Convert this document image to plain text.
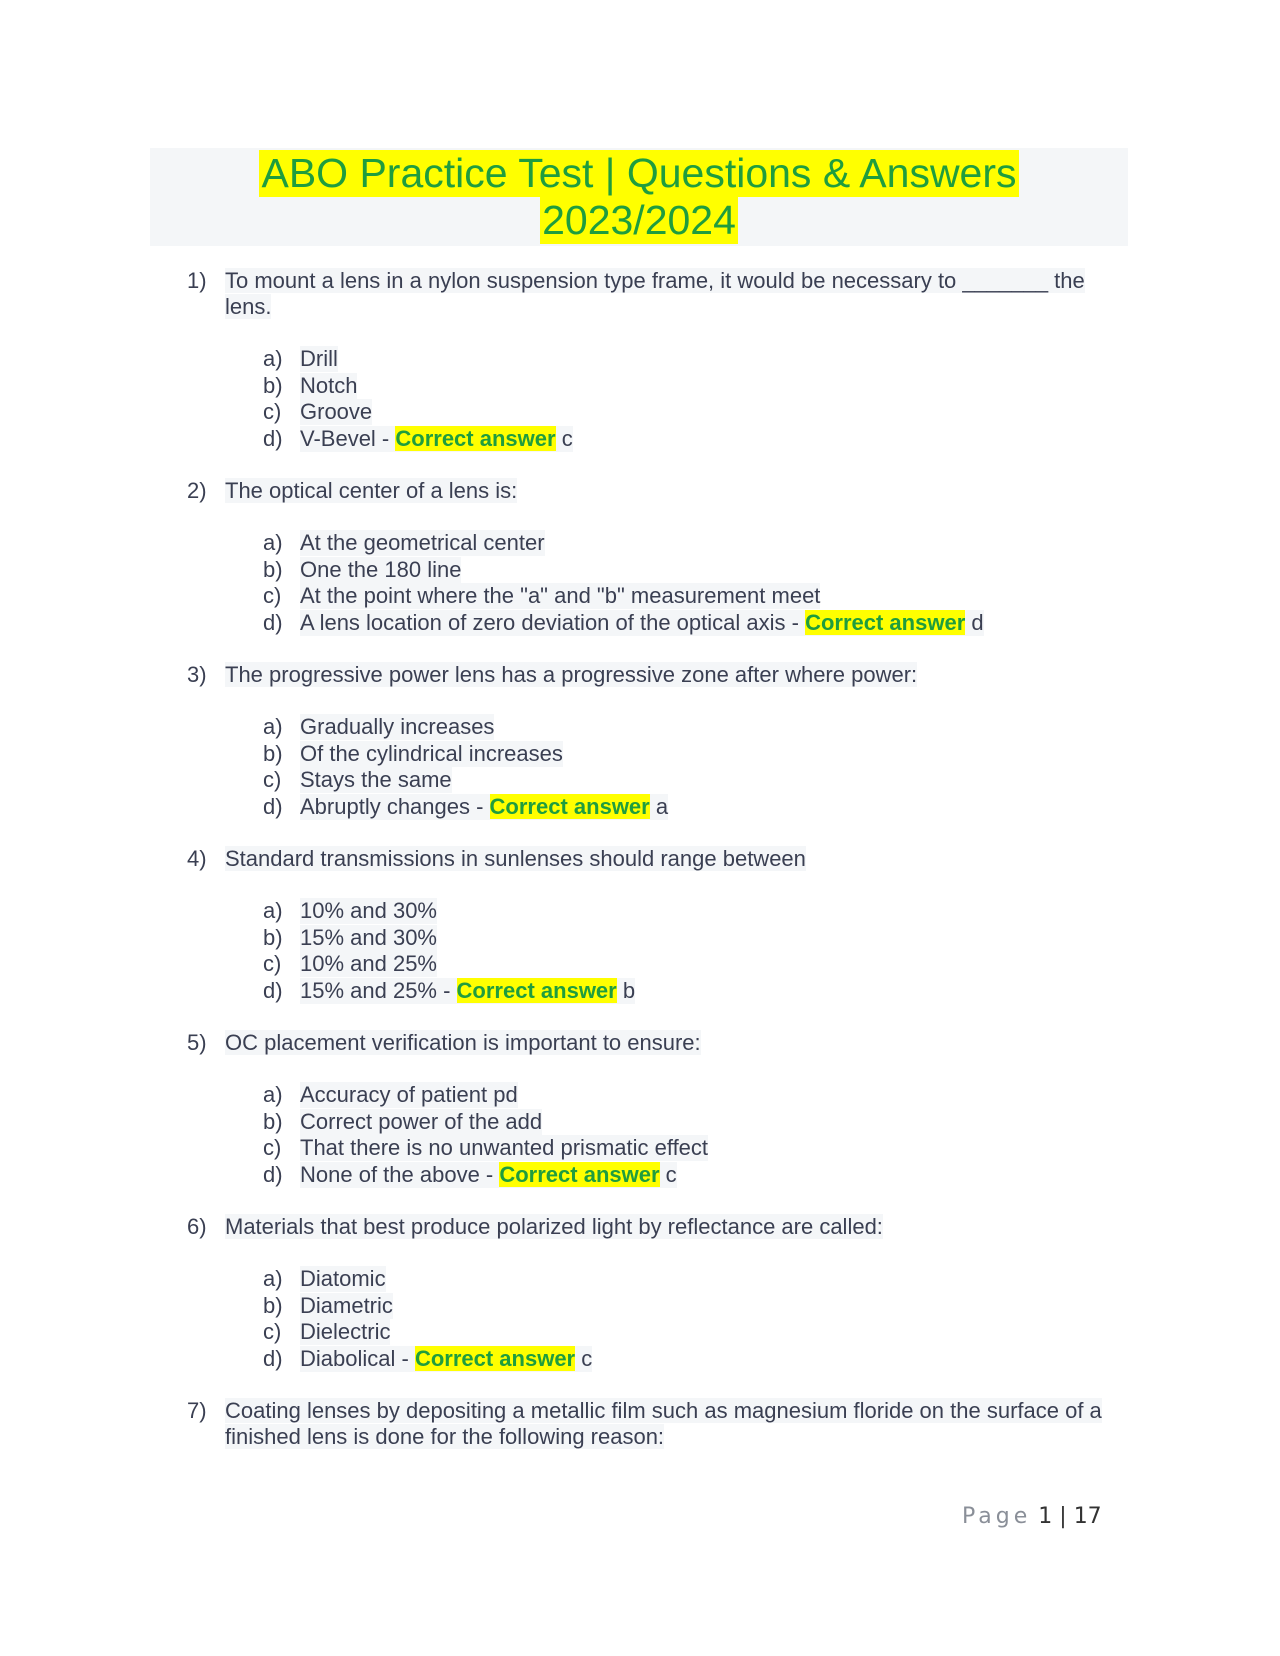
ABO Practice Test | Questions & Answers
2023/2024
1) To mount a lens in a nylon suspension type frame, it would be necessary to _______ the lens.
a) Drill
b) Notch
c) Groove
d) V-Bevel - Correct answer c
2) The optical center of a lens is:
a) At the geometrical center
b) One the 180 line
c) At the point where the "a" and "b" measurement meet
d) A lens location of zero deviation of the optical axis - Correct answer d
3) The progressive power lens has a progressive zone after where power:
a) Gradually increases
b) Of the cylindrical increases
c) Stays the same
d) Abruptly changes - Correct answer a
4) Standard transmissions in sunlenses should range between
a) 10% and 30%
b) 15% and 30%
c) 10% and 25%
d) 15% and 25% - Correct answer b
5) OC placement verification is important to ensure:
a) Accuracy of patient pd
b) Correct power of the add
c) That there is no unwanted prismatic effect
d) None of the above - Correct answer c
6) Materials that best produce polarized light by reflectance are called:
a) Diatomic
b) Diametric
c) Dielectric
d) Diabolical - Correct answer c
7) Coating lenses by depositing a metallic film such as magnesium floride on the surface of a finished lens is done for the following reason:
Page 1 | 17
